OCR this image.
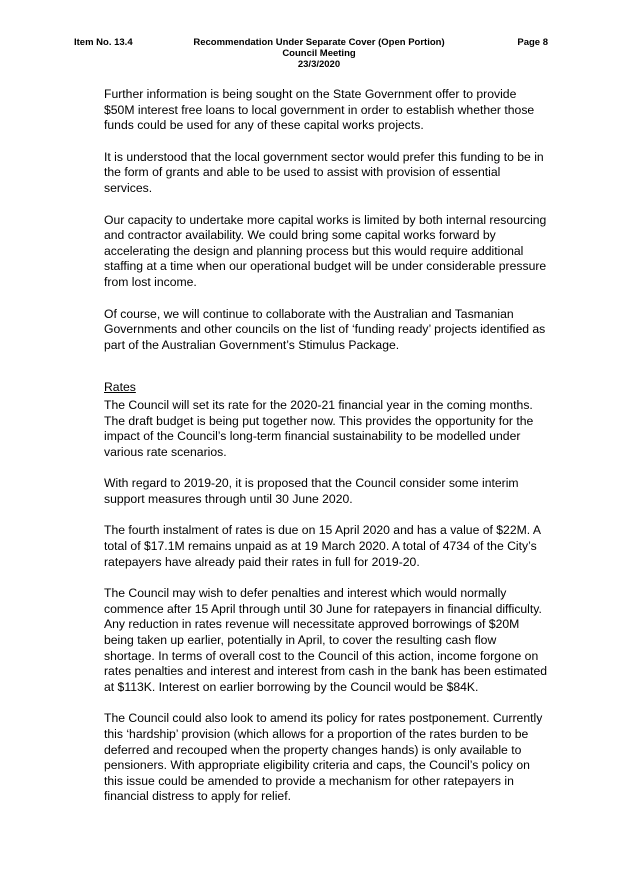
Item No. 13.4	Recommendation Under Separate Cover (Open Portion)
Council Meeting
23/3/2020
Page 8

Further information is being sought on the State Government offer to provide $50M interest free loans to local government in order to establish whether those funds could be used for any of these capital works projects.

It is understood that the local government sector would prefer this funding to be in the form of grants and able to be used to assist with provision of essential services.

Our capacity to undertake more capital works is limited by both internal resourcing and contractor availability. We could bring some capital works forward by accelerating the design and planning process but this would require additional staffing at a time when our operational budget will be under considerable pressure from lost income.

Of course, we will continue to collaborate with the Australian and Tasmanian Governments and other councils on the list of ‘funding ready’ projects identified as part of the Australian Government’s Stimulus Package.

Rates

The Council will set its rate for the 2020-21 financial year in the coming months. The draft budget is being put together now. This provides the opportunity for the impact of the Council’s long-term financial sustainability to be modelled under various rate scenarios.

With regard to 2019-20, it is proposed that the Council consider some interim support measures through until 30 June 2020.

The fourth instalment of rates is due on 15 April 2020 and has a value of $22M. A total of $17.1M remains unpaid as at 19 March 2020. A total of 4734 of the City’s ratepayers have already paid their rates in full for 2019-20.

The Council may wish to defer penalties and interest which would normally commence after 15 April through until 30 June for ratepayers in financial difficulty. Any reduction in rates revenue will necessitate approved borrowings of $20M being taken up earlier, potentially in April, to cover the resulting cash flow shortage. In terms of overall cost to the Council of this action, income forgone on rates penalties and interest and interest from cash in the bank has been estimated at $113K. Interest on earlier borrowing by the Council would be $84K.

The Council could also look to amend its policy for rates postponement. Currently this ‘hardship’ provision (which allows for a proportion of the rates burden to be deferred and recouped when the property changes hands) is only available to pensioners. With appropriate eligibility criteria and caps, the Council’s policy on this issue could be amended to provide a mechanism for other ratepayers in financial distress to apply for relief.
